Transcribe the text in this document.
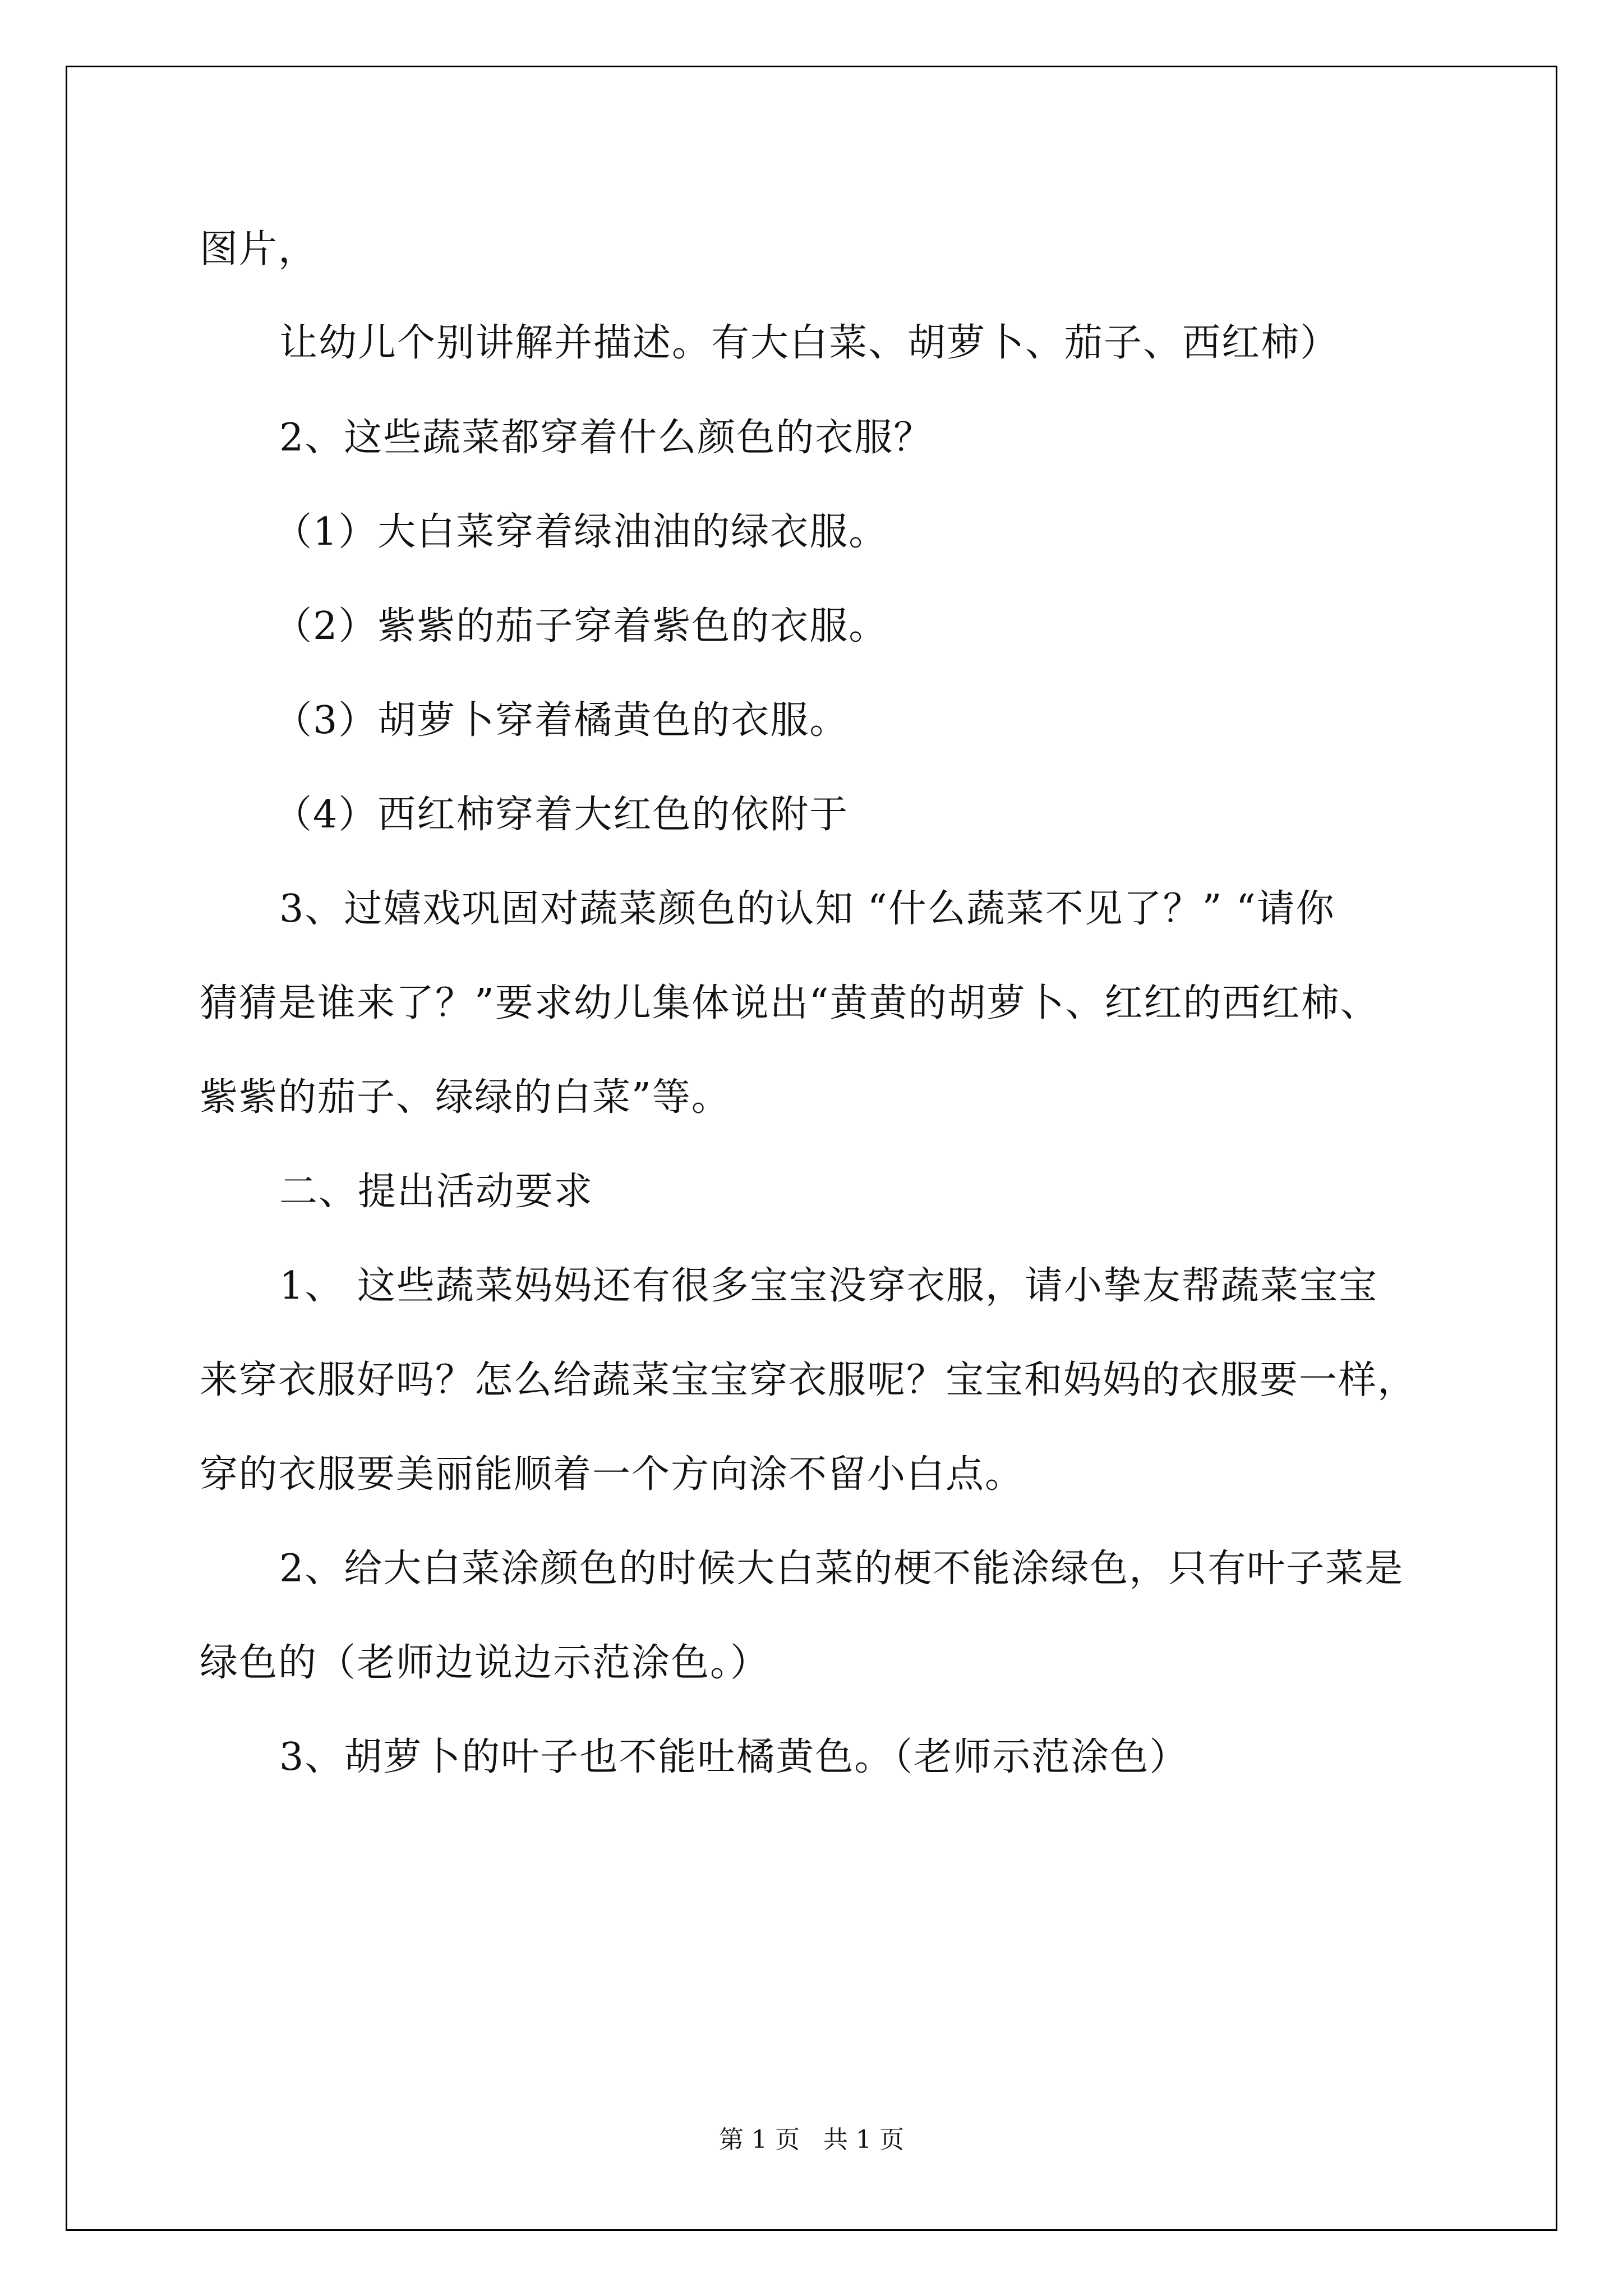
图片，

让幼儿个别讲解并描述。有大白菜、胡萝卜、茄子、西红柿）

2、这些蔬菜都穿着什么颜色的衣服？

（1）大白菜穿着绿油油的绿衣服。

（2）紫紫的茄子穿着紫色的衣服。

（3）胡萝卜穿着橘黄色的衣服。

（4）西红柿穿着大红色的依附于

3、过嬉戏巩固对蔬菜颜色的认知 “什么蔬菜不见了？” “请你

猜猜是谁来了？”要求幼儿集体说出“黄黄的胡萝卜、红红的西红柿、

紫紫的茄子、绿绿的白菜”等。

二、提出活动要求

1、 这些蔬菜妈妈还有很多宝宝没穿衣服，请小挚友帮蔬菜宝宝

来穿衣服好吗？怎么给蔬菜宝宝穿衣服呢？宝宝和妈妈的衣服要一样，

穿的衣服要美丽能顺着一个方向涂不留小白点。

2、给大白菜涂颜色的时候大白菜的梗不能涂绿色，只有叶子菜是

绿色的（老师边说边示范涂色。）

3、胡萝卜的叶子也不能吐橘黄色。（老师示范涂色）

第 1 页   共 1 页
